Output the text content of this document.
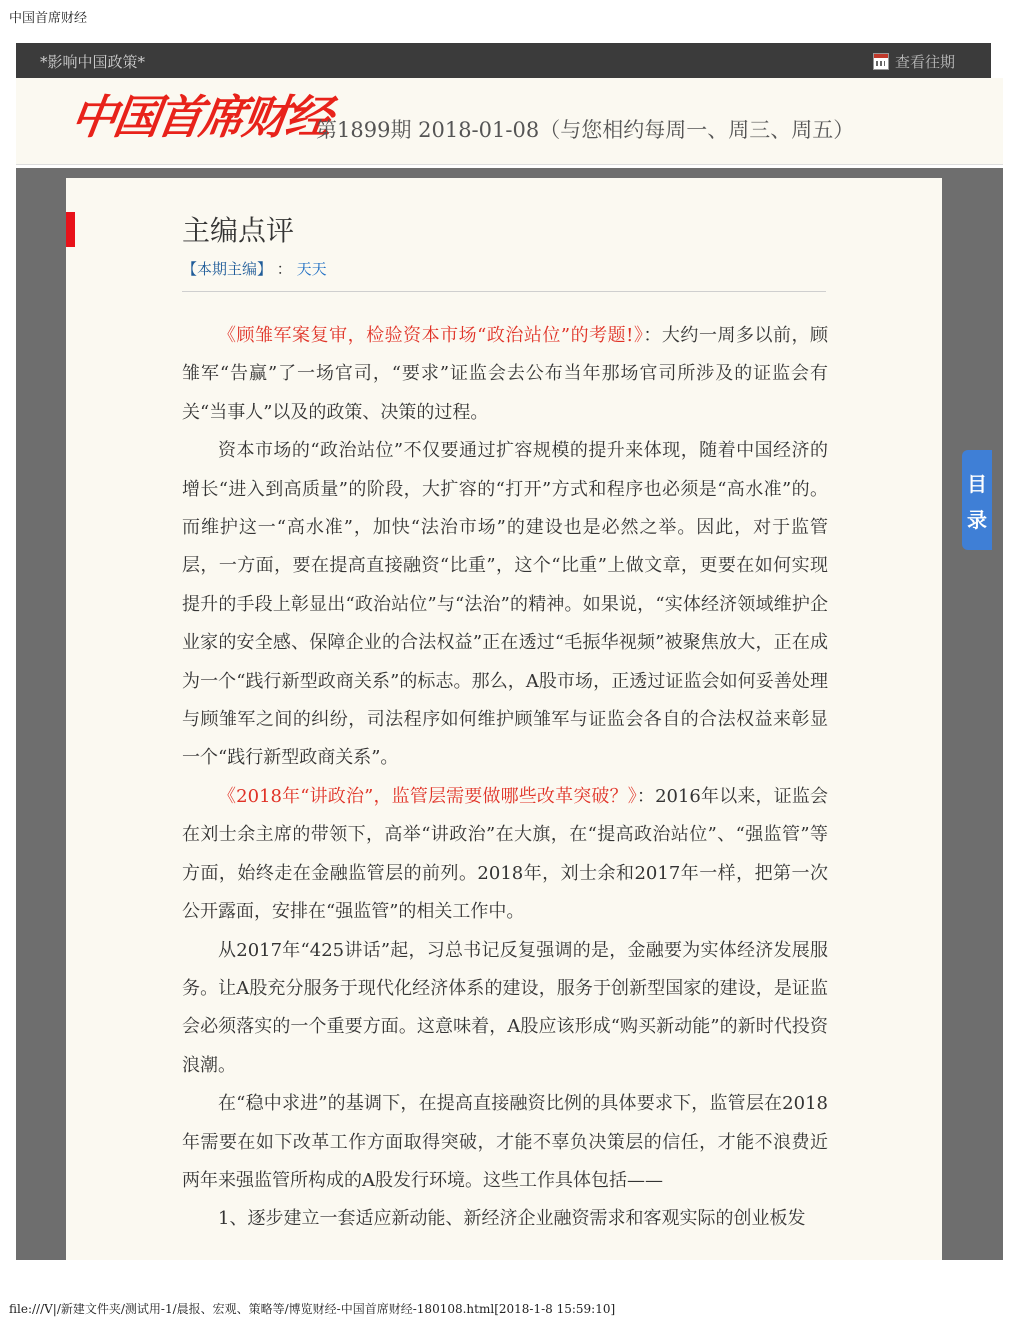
中国首席财经
*影响中国政策*	查看往期
中国首席财经
第1899期 2018-01-08（与您相约每周一、周三、周五）
主编点评
【本期主编】 ： 天天

《顾雏军案复审，检验资本市场“政治站位”的考题!》：大约一周多以前，顾雏军“告赢”了一场官司，“要求”证监会去公布当年那场官司所涉及的证监会有关“当事人”以及的政策、决策的过程。

资本市场的“政治站位”不仅要通过扩容规模的提升来体现，随着中国经济的增长“进入到高质量”的阶段，大扩容的“打开”方式和程序也必须是“高水准”的。而维护这一“高水准”，加快“法治市场”的建设也是必然之举。因此，对于监管层，一方面，要在提高直接融资“比重”，这个“比重”上做文章，更要在如何实现提升的手段上彰显出“政治站位”与“法治”的精神。如果说，“实体经济领域维护企业家的安全感、保障企业的合法权益”正在透过“毛振华视频”被聚焦放大，正在成为一个“践行新型政商关系”的标志。那么，A股市场，正透过证监会如何妥善处理与顾雏军之间的纠纷，司法程序如何维护顾雏军与证监会各自的合法权益来彰显一个“践行新型政商关系”。

《2018年“讲政治”，监管层需要做哪些改革突破？》：2016年以来，证监会在刘士余主席的带领下，高举“讲政治”在大旗，在“提高政治站位”、“强监管”等方面，始终走在金融监管层的前列。2018年，刘士余和2017年一样，把第一次公开露面，安排在“强监管”的相关工作中。

从2017年“425讲话”起，习总书记反复强调的是，金融要为实体经济发展服务。让A股充分服务于现代化经济体系的建设，服务于创新型国家的建设，是证监会必须落实的一个重要方面。这意味着，A股应该形成“购买新动能”的新时代投资浪潮。

在“稳中求进”的基调下，在提高直接融资比例的具体要求下，监管层在2018年需要在如下改革工作方面取得突破，才能不辜负决策层的信任，才能不浪费近两年来强监管所构成的A股发行环境。这些工作具体包括——

1、逐步建立一套适应新动能、新经济企业融资需求和客观实际的创业板发

目
录
file:///V|/新建文件夹/测试用-1/晨报、宏观、策略等/博览财经-中国首席财经-180108.html[2018-1-8 15:59:10]
